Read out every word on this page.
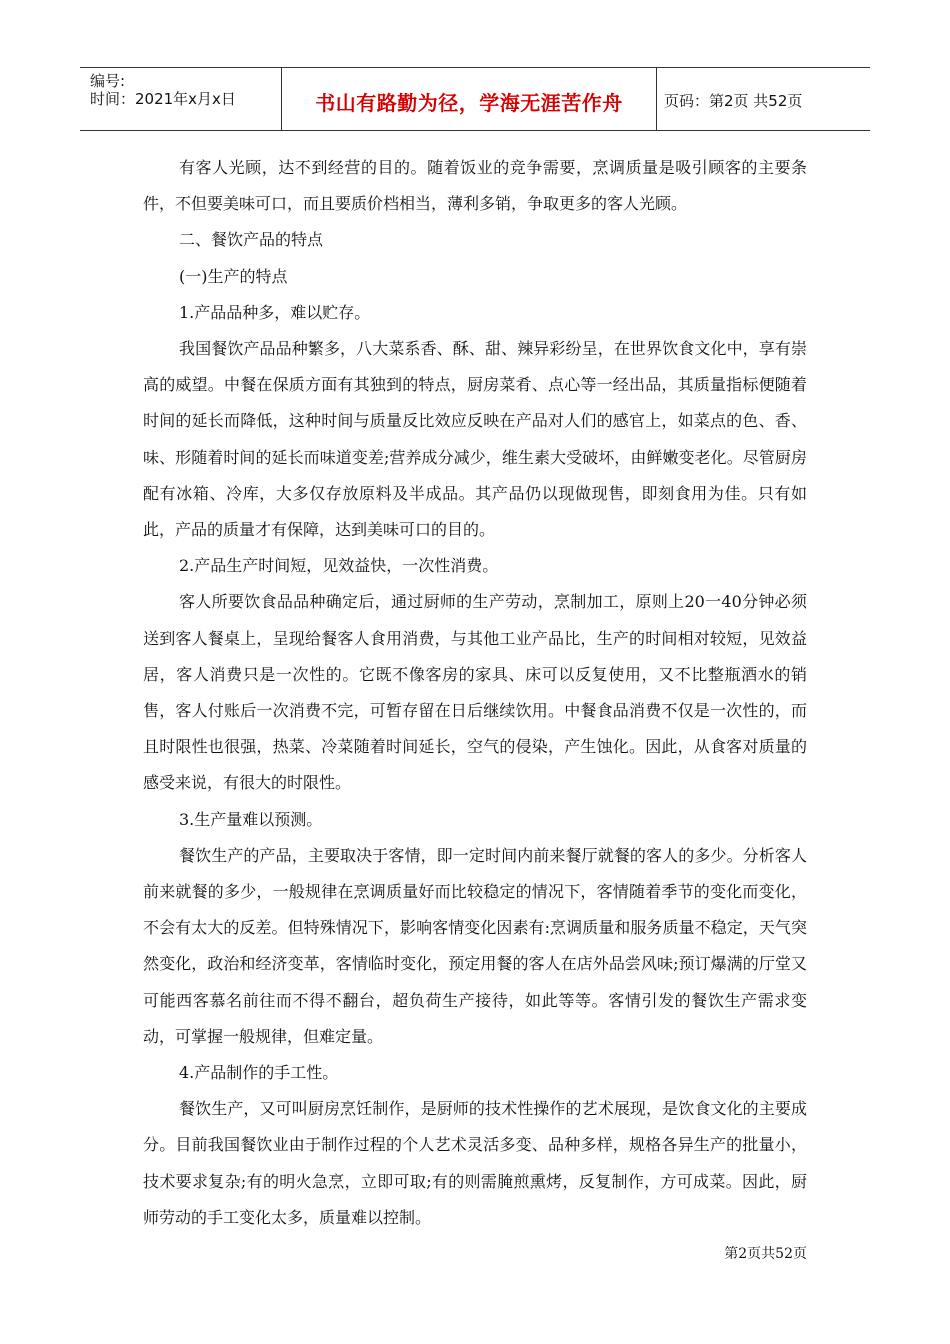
编号:
时间：2021年x月x日	书山有路勤为径，学海无涯苦作舟	页码：第2页 共52页

有客人光顾，达不到经营的目的。随着饭业的竞争需要，烹调质量是吸引顾客的主要条件，不但要美味可口，而且要质价档相当，薄利多销，争取更多的客人光顾。

二、餐饮产品的特点

(一)生产的特点

1.产品品种多，难以贮存。

我国餐饮产品品种繁多，八大菜系香、酥、甜、辣异彩纷呈，在世界饮食文化中，享有崇高的威望。中餐在保质方面有其独到的特点，厨房菜肴、点心等一经出品，其质量指标便随着时间的延长而降低，这种时间与质量反比效应反映在产品对人们的感官上，如菜点的色、香、味、形随着时间的延长而味道变差;营养成分减少，维生素大受破坏，由鲜嫩变老化。尽管厨房配有冰箱、冷库，大多仅存放原料及半成品。其产品仍以现做现售，即刻食用为佳。只有如此，产品的质量才有保障，达到美味可口的目的。

2.产品生产时间短，见效益快，一次性消费。

客人所要饮食品品种确定后，通过厨师的生产劳动，烹制加工，原则上20一40分钟必须送到客人餐桌上，呈现给餐客人食用消费，与其他工业产品比，生产的时间相对较短，见效益居，客人消费只是一次性的。它既不像客房的家具、床可以反复使用，又不比整瓶酒水的销售，客人付账后一次消费不完，可暂存留在日后继续饮用。中餐食品消费不仅是一次性的，而且时限性也很强，热菜、冷菜随着时间延长，空气的侵染，产生蚀化。因此，从食客对质量的感受来说，有很大的时限性。

3.生产量难以预测。

餐饮生产的产品，主要取决于客情，即一定时间内前来餐厅就餐的客人的多少。分析客人前来就餐的多少，一般规律在烹调质量好而比较稳定的情况下，客情随着季节的变化而变化，不会有太大的反差。但特殊情况下，影响客情变化因素有:烹调质量和服务质量不稳定，天气突然变化，政治和经济变革，客情临时变化，预定用餐的客人在店外品尝风味;预订爆满的厅堂又可能西客慕名前往而不得不翻台，超负荷生产接待，如此等等。客情引发的餐饮生产需求变动，可掌握一般规律，但难定量。

4.产品制作的手工性。

餐饮生产，又可叫厨房烹饪制作，是厨师的技术性操作的艺术展现，是饮食文化的主要成分。目前我国餐饮业由于制作过程的个人艺术灵活多变、品种多样，规格各异生产的批量小，技术要求复杂;有的明火急烹，立即可取;有的则需腌煎熏烤，反复制作，方可成菜。因此，厨师劳动的手工变化太多，质量难以控制。

第2页共52页
